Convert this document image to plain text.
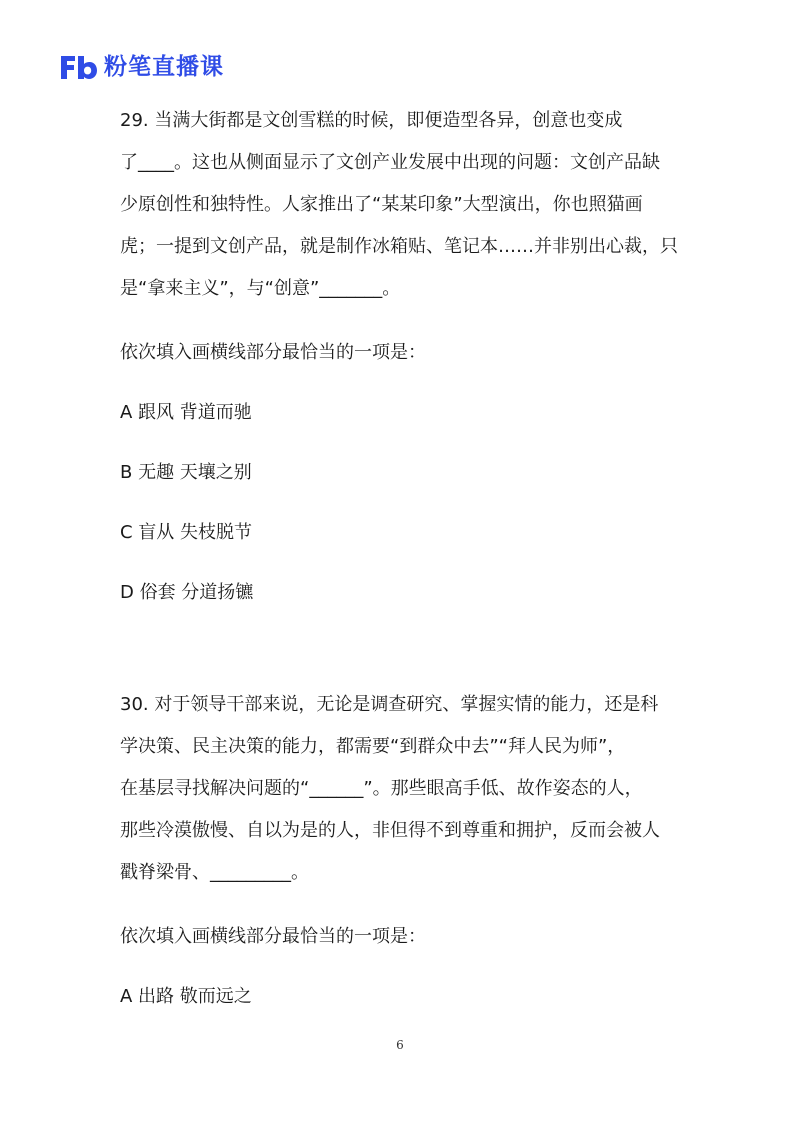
粉笔直播课
29. 当满大街都是文创雪糕的时候，即便造型各异，创意也变成
了____。这也从侧面显示了文创产业发展中出现的问题：文创产品缺
少原创性和独特性。人家推出了“某某印象”大型演出，你也照猫画
虎；一提到文创产品，就是制作冰箱贴、笔记本……并非别出心裁，只
是“拿来主义”，与“创意”_______。
依次填入画横线部分最恰当的一项是：
A 跟风 背道而驰
B 无趣 天壤之别
C 盲从 失枝脱节
D 俗套 分道扬镳
30. 对于领导干部来说，无论是调查研究、掌握实情的能力，还是科
学决策、民主决策的能力，都需要“到群众中去”“拜人民为师”，
在基层寻找解决问题的“______”。那些眼高手低、故作姿态的人，
那些冷漠傲慢、自以为是的人，非但得不到尊重和拥护，反而会被人
戳脊梁骨、_________。
依次填入画横线部分最恰当的一项是：
A 出路 敬而远之
6
